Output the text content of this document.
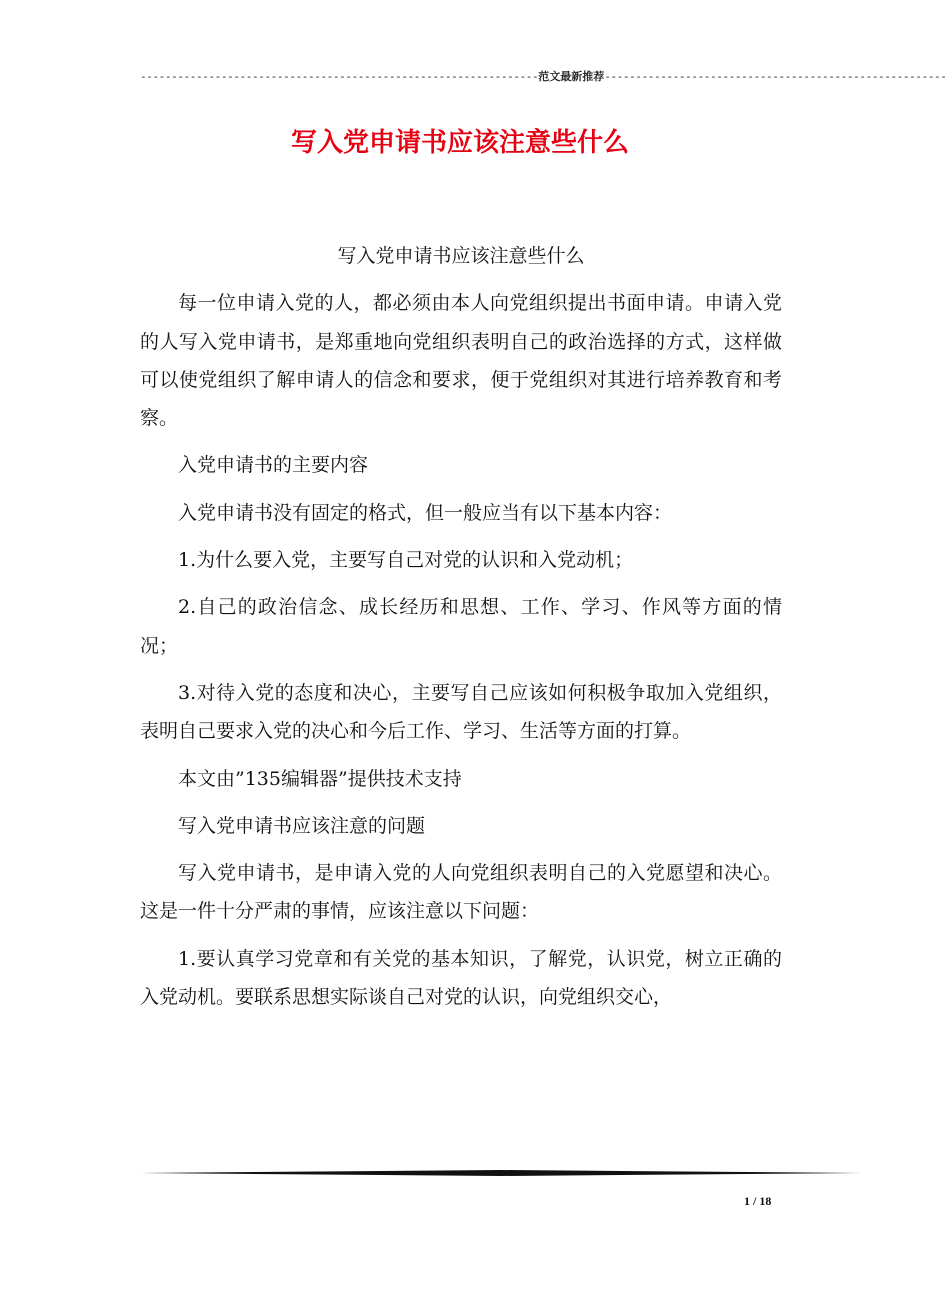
----------------------------------------------------------------范文最新推荐-------------------------------------------------------
写入党申请书应该注意些什么

写入党申请书应该注意些什么

每一位申请入党的人，都必须由本人向党组织提出书面申请。申请入党的人写入党申请书，是郑重地向党组织表明自己的政治选择的方式，这样做可以使党组织了解申请人的信念和要求，便于党组织对其进行培养教育和考察。

入党申请书的主要内容

入党申请书没有固定的格式，但一般应当有以下基本内容：

1.为什么要入党，主要写自己对党的认识和入党动机；

2.自己的政治信念、成长经历和思想、工作、学习、作风等方面的情况；

3.对待入党的态度和决心，主要写自己应该如何积极争取加入党组织，表明自己要求入党的决心和今后工作、学习、生活等方面的打算。

本文由”135编辑器”提供技术支持

写入党申请书应该注意的问题

写入党申请书，是申请入党的人向党组织表明自己的入党愿望和决心。这是一件十分严肃的事情，应该注意以下问题：

1.要认真学习党章和有关党的基本知识，了解党，认识党，树立正确的入党动机。要联系思想实际谈自己对党的认识，向党组织交心，

1 / 18
